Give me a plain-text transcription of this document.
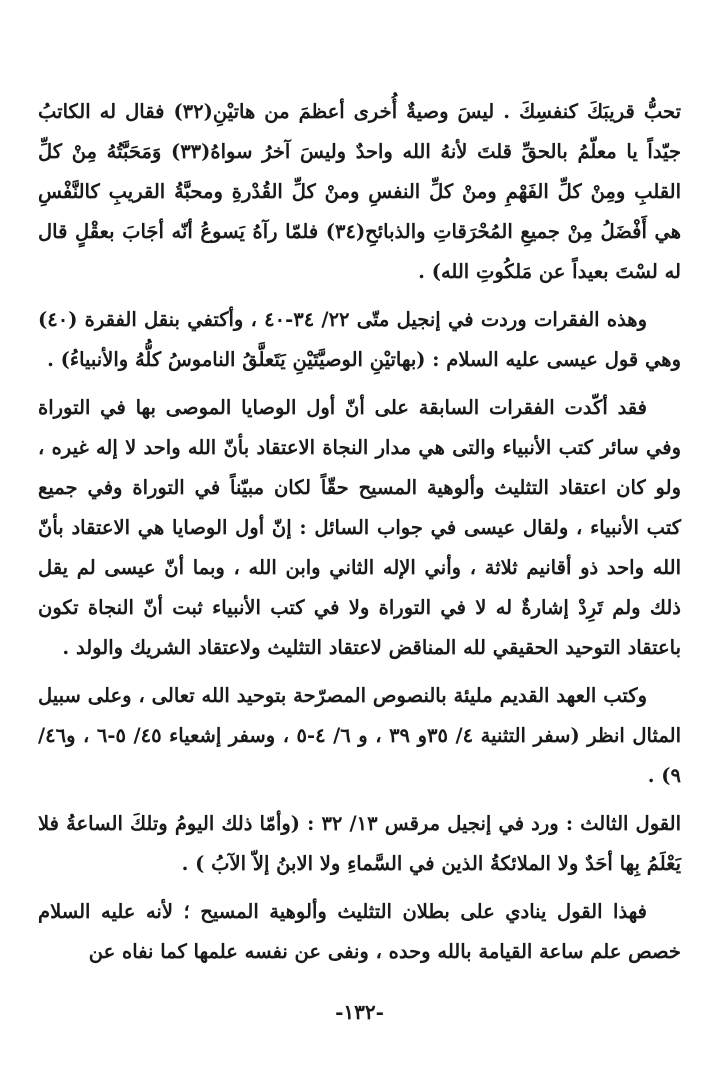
تحبُّ قريبَكَ كنفسِكَ . ليسَ وصيةٌ أُخرى أعظمَ من هاتيْنِ(٣٢) فقال له الكاتبُ جيّداً يا معلّمُ بالحقِّ قلتَ لأنهُ الله واحدٌ وليسَ آخرُ سواهُ(٣٣) وَمَحَبَّتُهُ مِنْ كلِّ القلبِ ومِنْ كلِّ الفَهْمِ ومنْ كلِّ النفسِ ومنْ كلِّ القُدْرةِ ومحبَّةُ القريبِ كالنَّفْسِ هي أَفْضَلُ مِنْ جميعِ المُحْرَقاتِ والذبائحِ(٣٤) فلمّا رآهُ يَسوعُ أنّه أجَابَ بعقْلٍ قال له لسْتَ بعيداً عن مَلكُوتِ الله) .

وهذه الفقرات وردت في إنجيل متّى ٢٢/ ٣٤-٤٠ ، وأكتفي بنقل الفقرة (٤٠) وهي قول عيسى عليه السلام : (بهاتيْنِ الوصيَّتَيْنِ يَتَعلَّقُ الناموسُ كلُّهُ والأنبياءُ) .

فقد أكّدت الفقرات السابقة على أنّ أول الوصايا الموصى بها في التوراة وفي سائر كتب الأنبياء والتى هي مدار النجاة الاعتقاد بأنّ الله واحد لا إله غيره ، ولو كان اعتقاد التثليث وألوهية المسيح حقّاً لكان مبيّناً في التوراة وفي جميع كتب الأنبياء ، ولقال عيسى في جواب السائل : إنّ أول الوصايا هي الاعتقاد بأنّ الله واحد ذو أقانيم ثلاثة ، وأني الإله الثاني وابن الله ، وبما أنّ عيسى لم يقل ذلك ولم تَرِدْ إشارةٌ له لا في التوراة ولا في كتب الأنبياء ثبت أنّ النجاة تكون باعتقاد التوحيد الحقيقي لله المناقض لاعتقاد التثليث ولاعتقاد الشريك والولد .

وكتب العهد القديم مليئة بالنصوص المصرّحة بتوحيد الله تعالى ، وعلى سبيل المثال انظر (سفر التثنية ٤/ ٣٥و ٣٩ ، و ٦/ ٤-٥ ، وسفر إشعياء ٤٥/ ٥-٦ ، و٤٦/ ٩) .

القول الثالث : ورد في إنجيل مرقس ١٣/ ٣٢ : (وأمّا ذلك اليومُ وتلكَ الساعةُ فلا يَعْلَمُ بِها أحَدٌ ولا الملائكةُ الذين في السَّماءِ ولا الابنُ إلاّ الآبُ ) .

فهذا القول ينادي على بطلان التثليث وألوهية المسيح ؛ لأنه عليه السلام خصص علم ساعة القيامة بالله وحده ، ونفى عن نفسه علمها كما نفاه عن

-١٣٢-
